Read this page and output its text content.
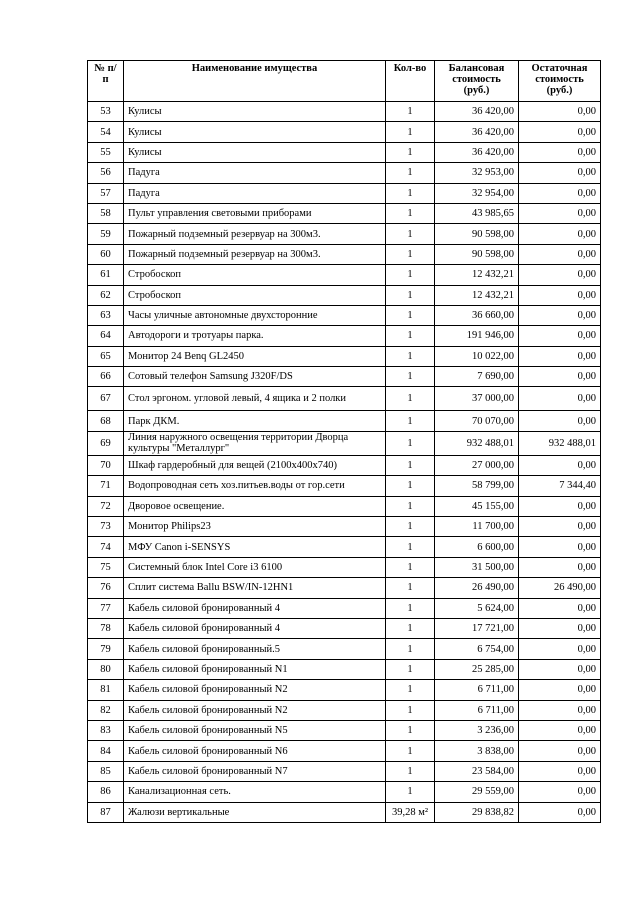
№ п/п	Наименование имущества	Кол-во	Балансовая стоимость (руб.)	Остаточная стоимость (руб.)
53	Кулисы	1	36 420,00	0,00
54	Кулисы	1	36 420,00	0,00
55	Кулисы	1	36 420,00	0,00
56	Падуга	1	32 953,00	0,00
57	Падуга	1	32 954,00	0,00
58	Пульт управления световыми приборами	1	43 985,65	0,00
59	Пожарный подземный резервуар на 300м3.	1	90 598,00	0,00
60	Пожарный подземный резервуар на 300м3.	1	90 598,00	0,00
61	Стробоскоп	1	12 432,21	0,00
62	Стробоскоп	1	12 432,21	0,00
63	Часы уличные автономные двухсторонние	1	36 660,00	0,00
64	Автодороги и тротуары парка.	1	191 946,00	0,00
65	Монитор 24 Benq GL2450	1	10 022,00	0,00
66	Сотовый телефон Samsung J320F/DS	1	7 690,00	0,00
67	Стол эргоном. угловой левый, 4 ящика и 2 полки	1	37 000,00	0,00
68	Парк ДКМ.	1	70 070,00	0,00
69	Линия наружного освещения территории Дворца культуры "Металлург"	1	932 488,01	932 488,01
70	Шкаф гардеробный для вещей (2100х400х740)	1	27 000,00	0,00
71	Водопроводная сеть хоз.питьев.воды от гор.сети	1	58 799,00	7 344,40
72	Дворовое освещение.	1	45 155,00	0,00
73	Монитор Philips23	1	11 700,00	0,00
74	МФУ Canon i-SENSYS	1	6 600,00	0,00
75	Системный блок Intel Core i3 6100	1	31 500,00	0,00
76	Сплит система Ballu BSW/IN-12HN1	1	26 490,00	26 490,00
77	Кабель силовой бронированный 4	1	5 624,00	0,00
78	Кабель силовой бронированный 4	1	17 721,00	0,00
79	Кабель силовой бронированный.5	1	6 754,00	0,00
80	Кабель силовой бронированный N1	1	25 285,00	0,00
81	Кабель силовой бронированный N2	1	6 711,00	0,00
82	Кабель силовой бронированный N2	1	6 711,00	0,00
83	Кабель силовой бронированный N5	1	3 236,00	0,00
84	Кабель силовой бронированный N6	1	3 838,00	0,00
85	Кабель силовой бронированный N7	1	23 584,00	0,00
86	Канализационная сеть.	1	29 559,00	0,00
87	Жалюзи вертикальные	39,28 м²	29 838,82	0,00
